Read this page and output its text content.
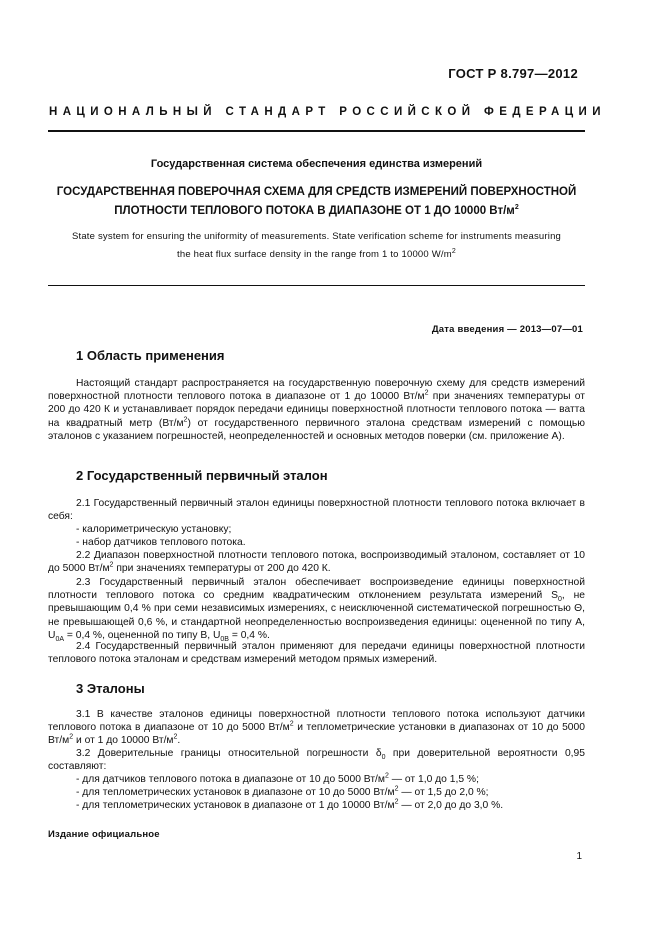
ГОСТ Р 8.797—2012
НАЦИОНАЛЬНЫЙ СТАНДАРТ РОССИЙСКОЙ ФЕДЕРАЦИИ
Государственная система обеспечения единства измерений
ГОСУДАРСТВЕННАЯ ПОВЕРОЧНАЯ СХЕМА ДЛЯ СРЕДСТВ ИЗМЕРЕНИЙ ПОВЕРХНОСТНОЙ
ПЛОТНОСТИ ТЕПЛОВОГО ПОТОКА В ДИАПАЗОНЕ ОТ 1 ДО 10000 $Вт/м^2$
State system for ensuring the uniformity of measurements. State verification scheme for instruments measuring
the heat flux surface density in the range from 1 to 10000 $W/m^2$
Дата введения — 2013—07—01
1 Область применения
Настоящий стандарт распространяется на государственную поверочную схему для средств измерений поверхностной плотности теплового потока в диапазоне от 1 до 10000 $Вт/м^2$ при значениях температуры от 200 до 420 К и устанавливает порядок передачи единицы поверхностной плотности теплового потока — ватта на квадратный метр $(Вт/м^2)$ от государственного первичного эталона средствам измерений с помощью эталонов с указанием погрешностей, неопределенностей и основных методов поверки (см. приложение А).
2 Государственный первичный эталон
2.1 Государственный первичный эталон единицы поверхностной плотности теплового потока включает в себя:
- калориметрическую установку;
- набор датчиков теплового потока.
2.2 Диапазон поверхностной плотности теплового потока, воспроизводимый эталоном, составляет от 10 до 5000 $Вт/м^2$ при значениях температуры от 200 до 420 К.
2.3 Государственный первичный эталон обеспечивает воспроизведение единицы поверхностной плотности теплового потока со средним квадратическим отклонением результата измерений $S_0$, не превышающим 0,4 % при семи независимых измерениях, с неисключенной систематической погрешностью Θ, не превышающей 0,6 %, и стандартной неопределенностью воспроизведения единицы: оцененной по типу А, $U_{0A} = 0,4$ %, оцененной по типу В, $U_{0B} = 0,4$ %.
2.4 Государственный первичный эталон применяют для передачи единицы поверхностной плотности теплового потока эталонам и средствам измерений методом прямых измерений.
3 Эталоны
3.1 В качестве эталонов единицы поверхностной плотности теплового потока используют датчики теплового потока в диапазоне от 10 до 5000 $Вт/м^2$ и теплометрические установки в диапазонах от 10 до 5000 $Вт/м^2$ и от 1 до 10000 $Вт/м^2$.
3.2 Доверительные границы относительной погрешности $\delta_0$ при доверительной вероятности 0,95 составляют:
- для датчиков теплового потока в диапазоне от 10 до 5000 $Вт/м^2$ — от 1,0 до 1,5 %;
- для теплометрических установок в диапазоне от 10 до 5000 $Вт/м^2$ — от 1,5 до 2,0 %;
- для теплометрических установок в диапазоне от 1 до 10000 $Вт/м^2$ — от 2,0 до до 3,0 %.
Издание официальное
1
